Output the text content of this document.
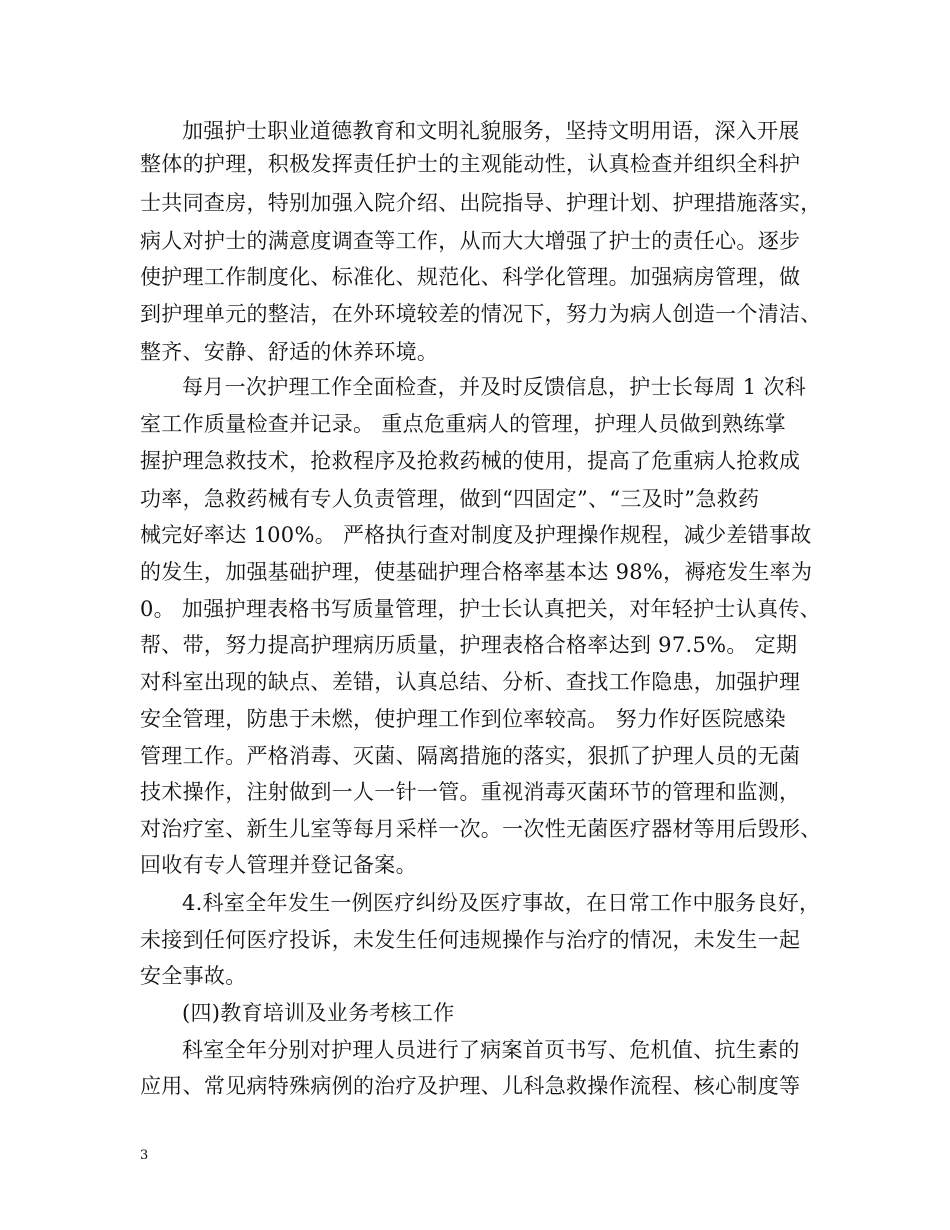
加强护士职业道德教育和文明礼貌服务，坚持文明用语，深入开展
整体的护理，积极发挥责任护士的主观能动性，认真检查并组织全科护
士共同查房，特别加强入院介绍、出院指导、护理计划、护理措施落实，
病人对护士的满意度调查等工作，从而大大增强了护士的责任心。逐步
使护理工作制度化、标准化、规范化、科学化管理。加强病房管理，做
到护理单元的整洁，在外环境较差的情况下，努力为病人创造一个清洁、
整齐、安静、舒适的休养环境。
每月一次护理工作全面检查，并及时反馈信息，护士长每周 1 次科
室工作质量检查并记录。 重点危重病人的管理，护理人员做到熟练掌
握护理急救技术，抢救程序及抢救药械的使用，提高了危重病人抢救成
功率，急救药械有专人负责管理，做到“四固定”、“三及时”急救药
械完好率达 100%。 严格执行查对制度及护理操作规程，减少差错事故
的发生，加强基础护理，使基础护理合格率基本达 98%，褥疮发生率为
0。 加强护理表格书写质量管理，护士长认真把关，对年轻护士认真传、
帮、带，努力提高护理病历质量，护理表格合格率达到 97.5%。 定期
对科室出现的缺点、差错，认真总结、分析、查找工作隐患，加强护理
安全管理，防患于未燃，使护理工作到位率较高。 努力作好医院感染
管理工作。严格消毒、灭菌、隔离措施的落实，狠抓了护理人员的无菌
技术操作，注射做到一人一针一管。重视消毒灭菌环节的管理和监测，
对治疗室、新生儿室等每月采样一次。一次性无菌医疗器材等用后毁形、
回收有专人管理并登记备案。
4.科室全年发生一例医疗纠纷及医疗事故，在日常工作中服务良好，
未接到任何医疗投诉，未发生任何违规操作与治疗的情况，未发生一起
安全事故。
(四)教育培训及业务考核工作
科室全年分别对护理人员进行了病案首页书写、危机值、抗生素的
应用、常见病特殊病例的治疗及护理、儿科急救操作流程、核心制度等
3
